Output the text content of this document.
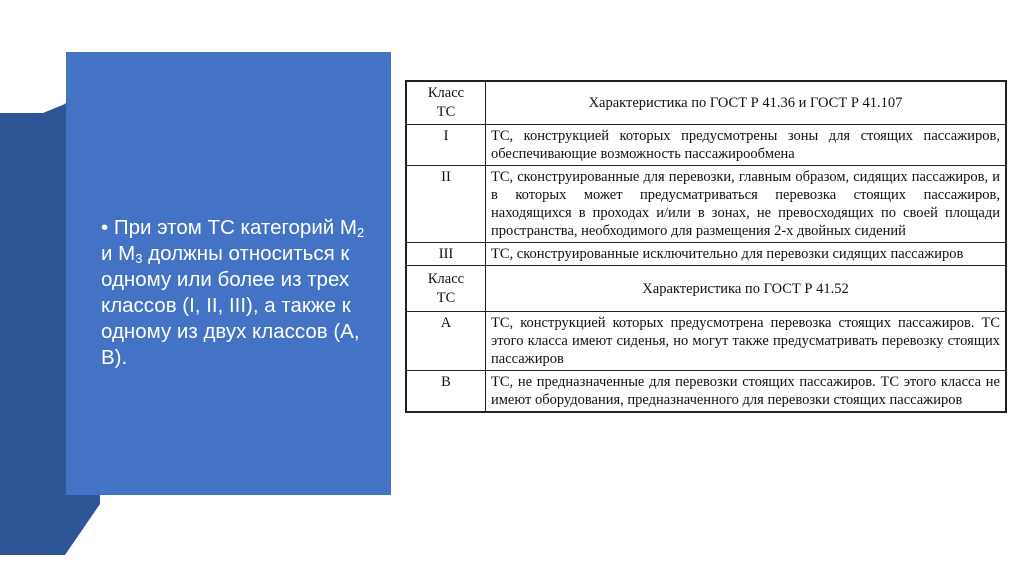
• При этом ТС категорий $М_2$ и $М_3$ должны относиться к одному или более из трех классов (I, II, III), а также к одному из двух классов (А, В).

Класс
ТС	Характеристика по ГОСТ Р 41.36 и ГОСТ Р 41.107
I	ТС, конструкцией которых предусмотрены зоны для стоящих пассажиров, обеспечивающие возможность пассажирообмена
II	ТС, сконструированные для перевозки, главным образом, сидящих пассажиров, и в которых может предусматриваться перевозка стоящих пассажиров, находящихся в проходах и/или в зонах, не превосходящих по своей площади пространства, необходимого для размещения 2-х двойных сидений
III	ТС, сконструированные исключительно для перевозки сидящих пассажиров
Класс
ТС	Характеристика по ГОСТ Р 41.52
А	ТС, конструкцией которых предусмотрена перевозка стоящих пассажиров. ТС этого класса имеют сиденья, но могут также предусматривать перевозку стоящих пассажиров
В	ТС, не предназначенные для перевозки стоящих пассажиров. ТС этого класса не имеют оборудования, предназначенного для перевозки стоящих пассажиров
